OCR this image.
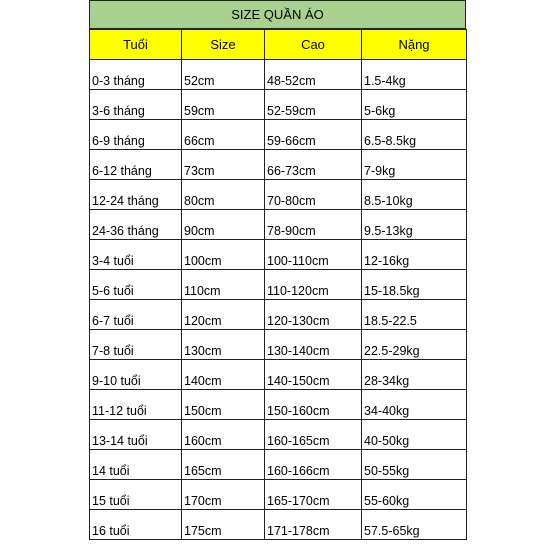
SIZE QUẦN ÁO
Tuổi	Size	Cao	Nặng
0-3 tháng	52cm	48-52cm	1.5-4kg
3-6 tháng	59cm	52-59cm	5-6kg
6-9 tháng	66cm	59-66cm	6.5-8.5kg
6-12 tháng	73cm	66-73cm	7-9kg
12-24 tháng	80cm	70-80cm	8.5-10kg
24-36 tháng	90cm	78-90cm	9.5-13kg
3-4 tuổi	100cm	100-110cm	12-16kg
5-6 tuổi	110cm	110-120cm	15-18.5kg
6-7 tuổi	120cm	120-130cm	18.5-22.5
7-8 tuổi	130cm	130-140cm	22.5-29kg
9-10 tuổi	140cm	140-150cm	28-34kg
11-12 tuổi	150cm	150-160cm	34-40kg
13-14 tuổi	160cm	160-165cm	40-50kg
14 tuổi	165cm	160-166cm	50-55kg
15 tuổi	170cm	165-170cm	55-60kg
16 tuổi	175cm	171-178cm	57.5-65kg
